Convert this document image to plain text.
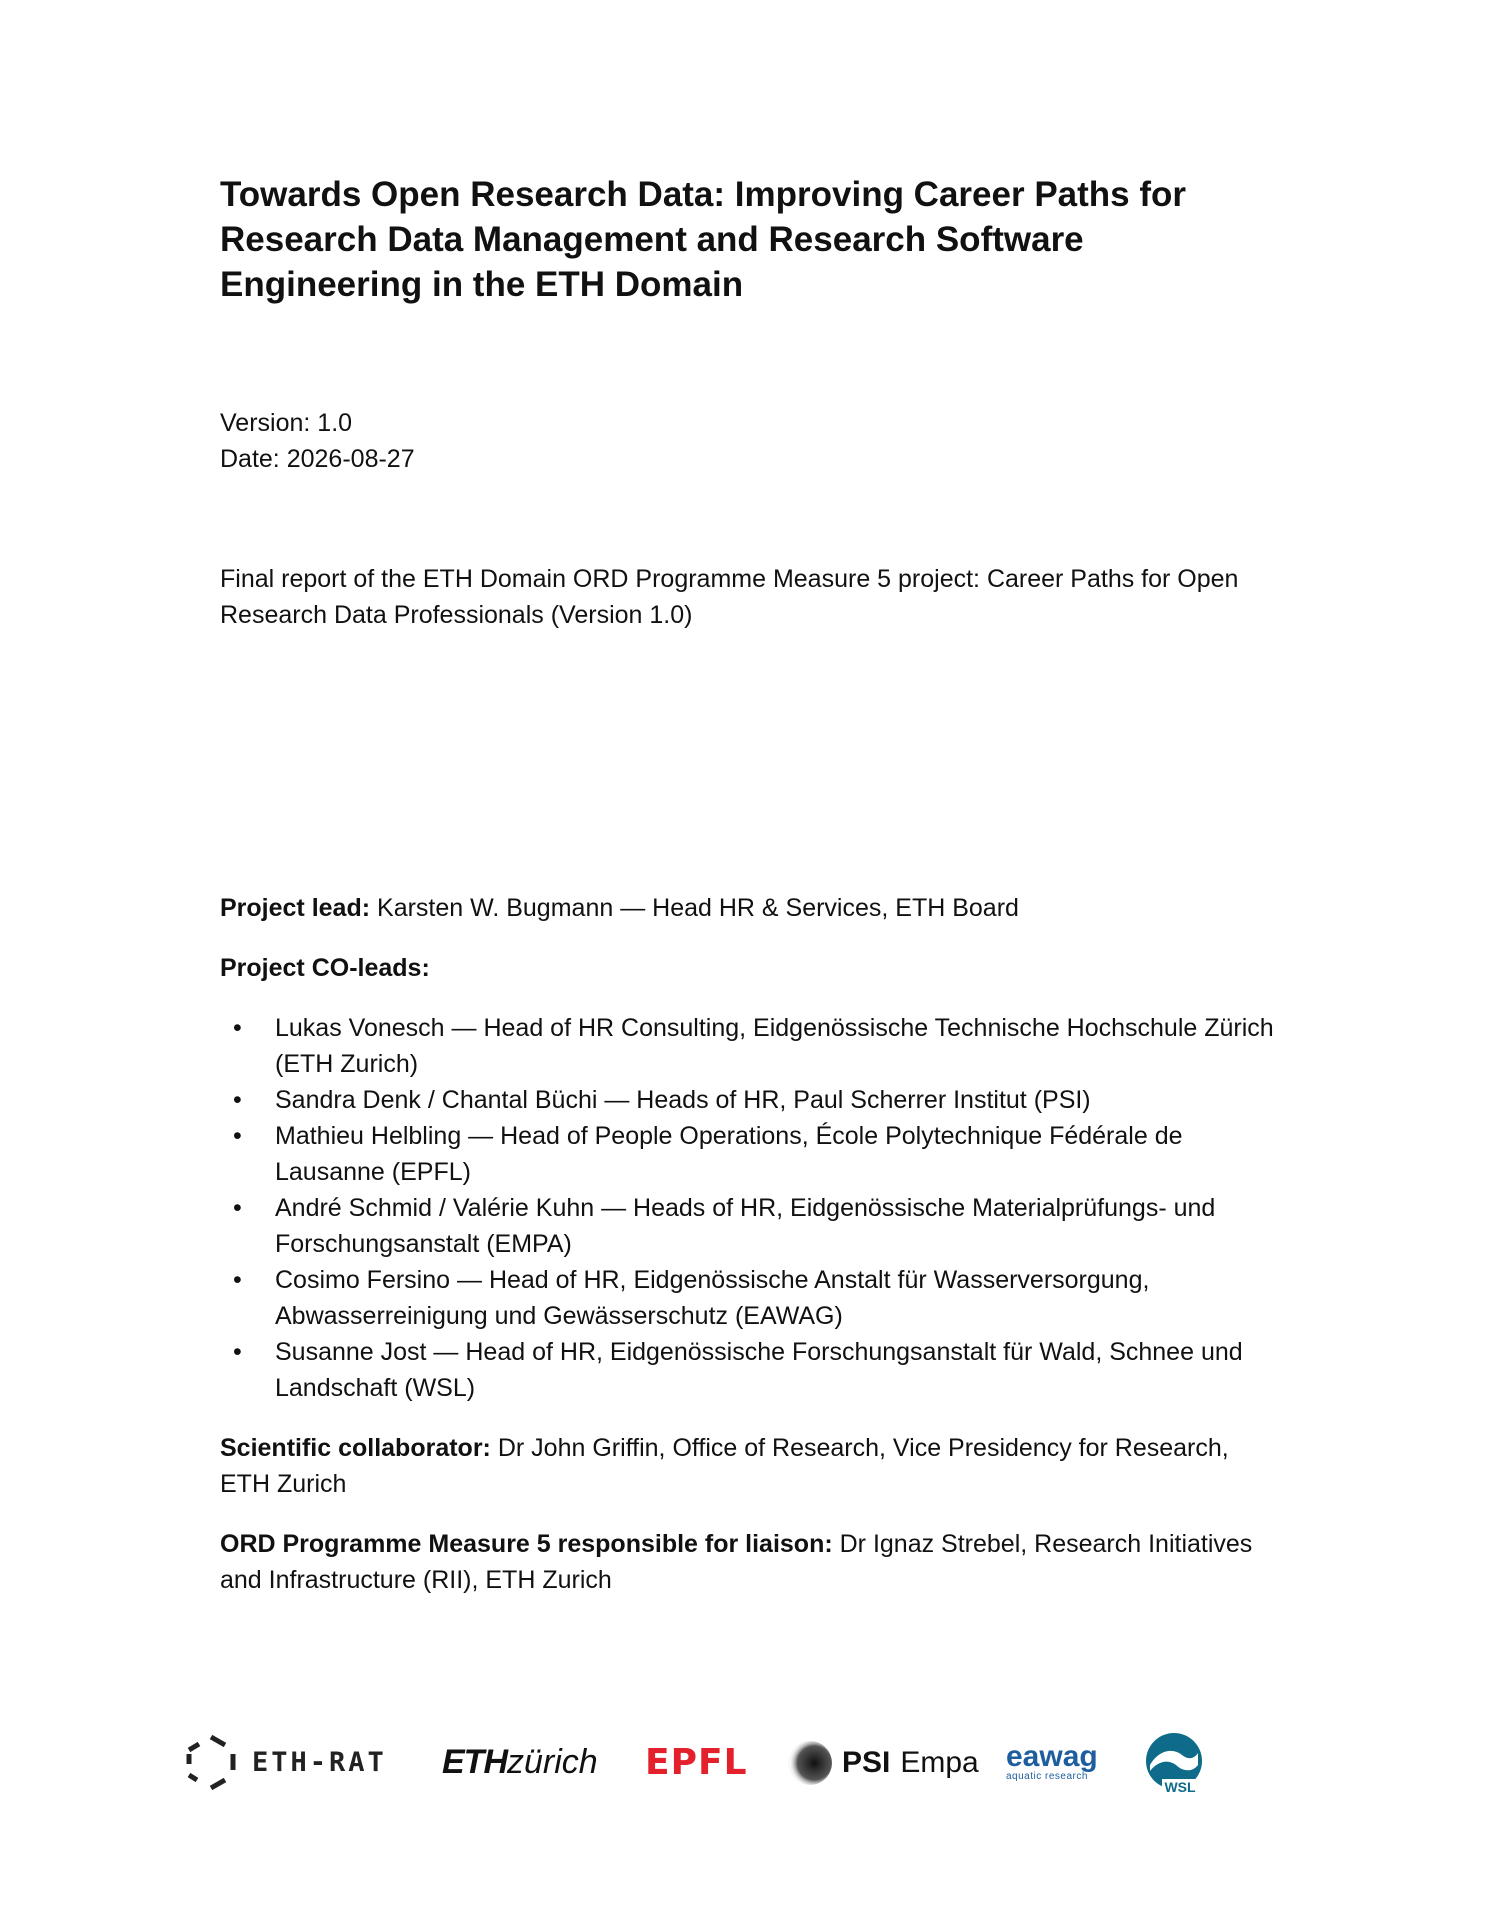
Towards Open Research Data: Improving Career Paths for Research Data Management and Research Software Engineering in the ETH Domain
Version: 1.0
Date: 2026-08-27
Final report of the ETH Domain ORD Programme Measure 5 project: Career Paths for Open Research Data Professionals (Version 1.0)
Project lead: Karsten W. Bugmann — Head HR & Services, ETH Board
Project CO-leads:
• Lukas Vonesch — Head of HR Consulting, Eidgenössische Technische Hochschule Zürich (ETH Zurich)
• Sandra Denk / Chantal Büchi — Heads of HR, Paul Scherrer Institut (PSI)
• Mathieu Helbling — Head of People Operations, École Polytechnique Fédérale de Lausanne (EPFL)
• André Schmid / Valérie Kuhn — Heads of HR, Eidgenössische Materialprüfungs- und Forschungsanstalt (EMPA)
• Cosimo Fersino — Head of HR, Eidgenössische Anstalt für Wasserversorgung, Abwasserreinigung und Gewässerschutz (EAWAG)
• Susanne Jost — Head of HR, Eidgenössische Forschungsanstalt für Wald, Schnee und Landschaft (WSL)
Scientific collaborator: Dr John Griffin, Office of Research, Vice Presidency for Research, ETH Zurich
ORD Programme Measure 5 responsible for liaison: Dr Ignaz Strebel, Research Initiatives and Infrastructure (RII), ETH Zurich
ETH-RAT ETH zürich EPFL	PSI Empa eawag
aquatic research
WSL
